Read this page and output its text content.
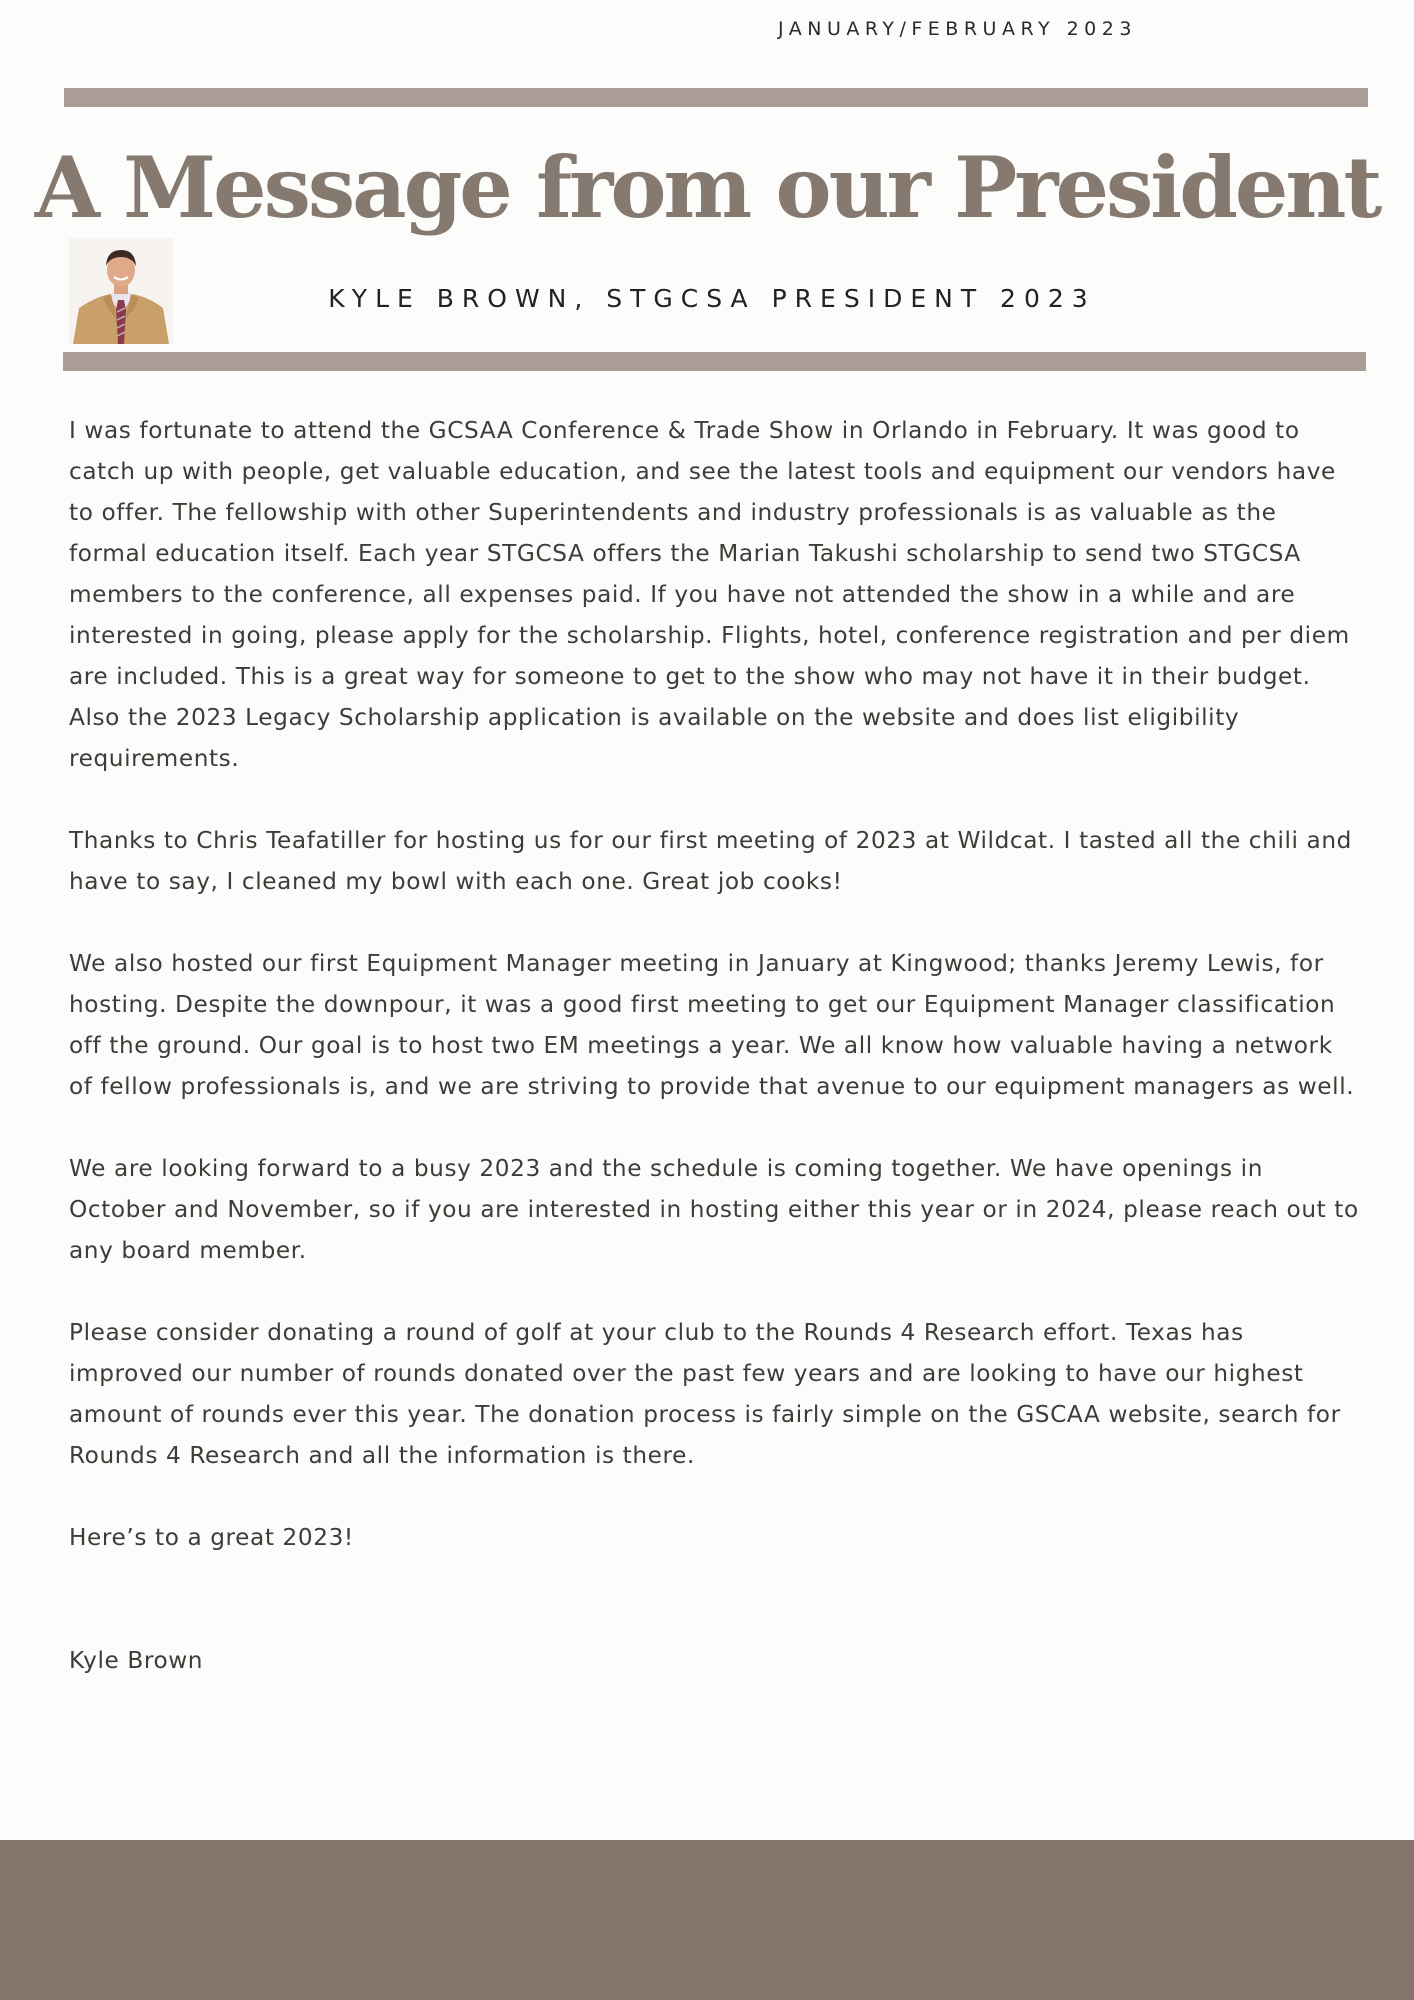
JANUARY/FEBRUARY 2023
A Message from our President
KYLE BROWN, STGCSA PRESIDENT 2023

I was fortunate to attend the GCSAA Conference & Trade Show in Orlando in February. It was good to catch up with people, get valuable education, and see the latest tools and equipment our vendors have to offer. The fellowship with other Superintendents and industry professionals is as valuable as the formal education itself. Each year STGCSA offers the Marian Takushi scholarship to send two STGCSA members to the conference, all expenses paid. If you have not attended the show in a while and are interested in going, please apply for the scholarship. Flights, hotel, conference registration and per diem are included. This is a great way for someone to get to the show who may not have it in their budget. Also the 2023 Legacy Scholarship application is available on the website and does list eligibility requirements.

Thanks to Chris Teafatiller for hosting us for our first meeting of 2023 at Wildcat. I tasted all the chili and have to say, I cleaned my bowl with each one. Great job cooks!

We also hosted our first Equipment Manager meeting in January at Kingwood; thanks Jeremy Lewis, for hosting. Despite the downpour, it was a good first meeting to get our Equipment Manager classification off the ground. Our goal is to host two EM meetings a year. We all know how valuable having a network of fellow professionals is, and we are striving to provide that avenue to our equipment managers as well.

We are looking forward to a busy 2023 and the schedule is coming together. We have openings in October and November, so if you are interested in hosting either this year or in 2024, please reach out to any board member.

Please consider donating a round of golf at your club to the Rounds 4 Research effort. Texas has improved our number of rounds donated over the past few years and are looking to have our highest amount of rounds ever this year. The donation process is fairly simple on the GSCAA website, search for Rounds 4 Research and all the information is there.

Here’s to a great 2023!

Kyle Brown
